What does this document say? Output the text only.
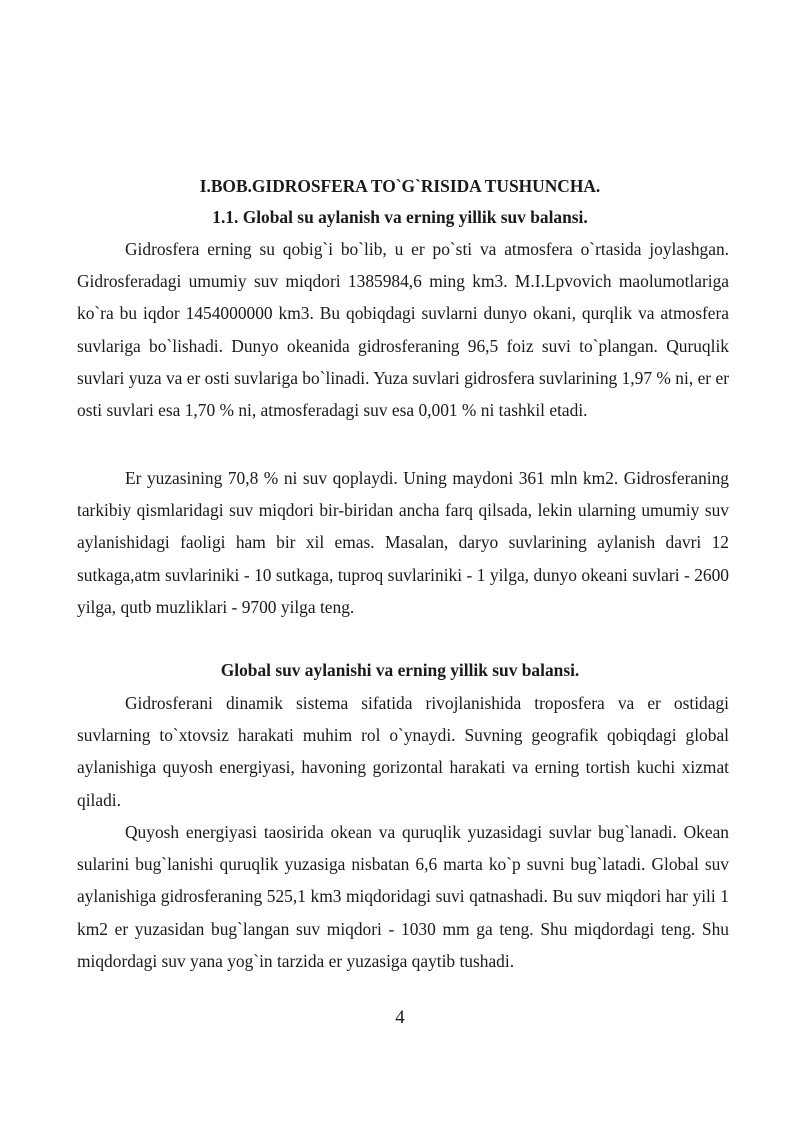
I.BOB.GIDROSFERA TO`G`RISIDA TUSHUNCHA.
1.1. Global su aylanish va erning yillik suv balansi.

Gidrosfera erning su qobig`i bo`lib, u er po`sti va atmosfera o`rtasida joylashgan. Gidrosferadagi umumiy suv miqdori 1385984,6 ming km3. M.I.Lpvovich maolumotlariga ko`ra bu iqdor 1454000000 km3. Bu qobiqdagi suvlarni dunyo okani, qurqlik va atmosfera suvlariga bo`lishadi. Dunyo okeanida gidrosferaning 96,5 foiz suvi to`plangan. Quruqlik suvlari yuza va er osti suvlariga bo`linadi. Yuza suvlari gidrosfera suvlarining 1,97 % ni, er er osti suvlari esa 1,70 % ni, atmosferadagi suv esa 0,001 % ni tashkil etadi.

Er yuzasining 70,8 % ni suv qoplaydi. Uning maydoni 361 mln km2. Gidrosferaning tarkibiy qismlaridagi suv miqdori bir-biridan ancha farq qilsada, lekin ularning umumiy suv aylanishidagi faoligi ham bir xil emas. Masalan, daryo suvlarining aylanish davri 12 sutkaga,atm suvlariniki - 10 sutkaga, tuproq suvlariniki - 1 yilga, dunyo okeani suvlari - 2600 yilga, qutb muzliklari - 9700 yilga teng.

Global suv aylanishi va erning yillik suv balansi.

Gidrosferani dinamik sistema sifatida rivojlanishida troposfera va er ostidagi suvlarning to`xtovsiz harakati muhim rol o`ynaydi. Suvning geografik qobiqdagi global aylanishiga quyosh energiyasi, havoning gorizontal harakati va erning tortish kuchi xizmat qiladi.

Quyosh energiyasi taosirida okean va quruqlik yuzasidagi suvlar bug`lanadi. Okean sularini bug`lanishi quruqlik yuzasiga nisbatan 6,6 marta ko`p suvni bug`latadi. Global suv aylanishiga gidrosferaning 525,1 km3 miqdoridagi suvi qatnashadi. Bu suv miqdori har yili 1 km2 er yuzasidan bug`langan suv miqdori - 1030 mm ga teng. Shu miqdordagi teng. Shu miqdordagi suv yana yog`in tarzida er yuzasiga qaytib tushadi.

4
